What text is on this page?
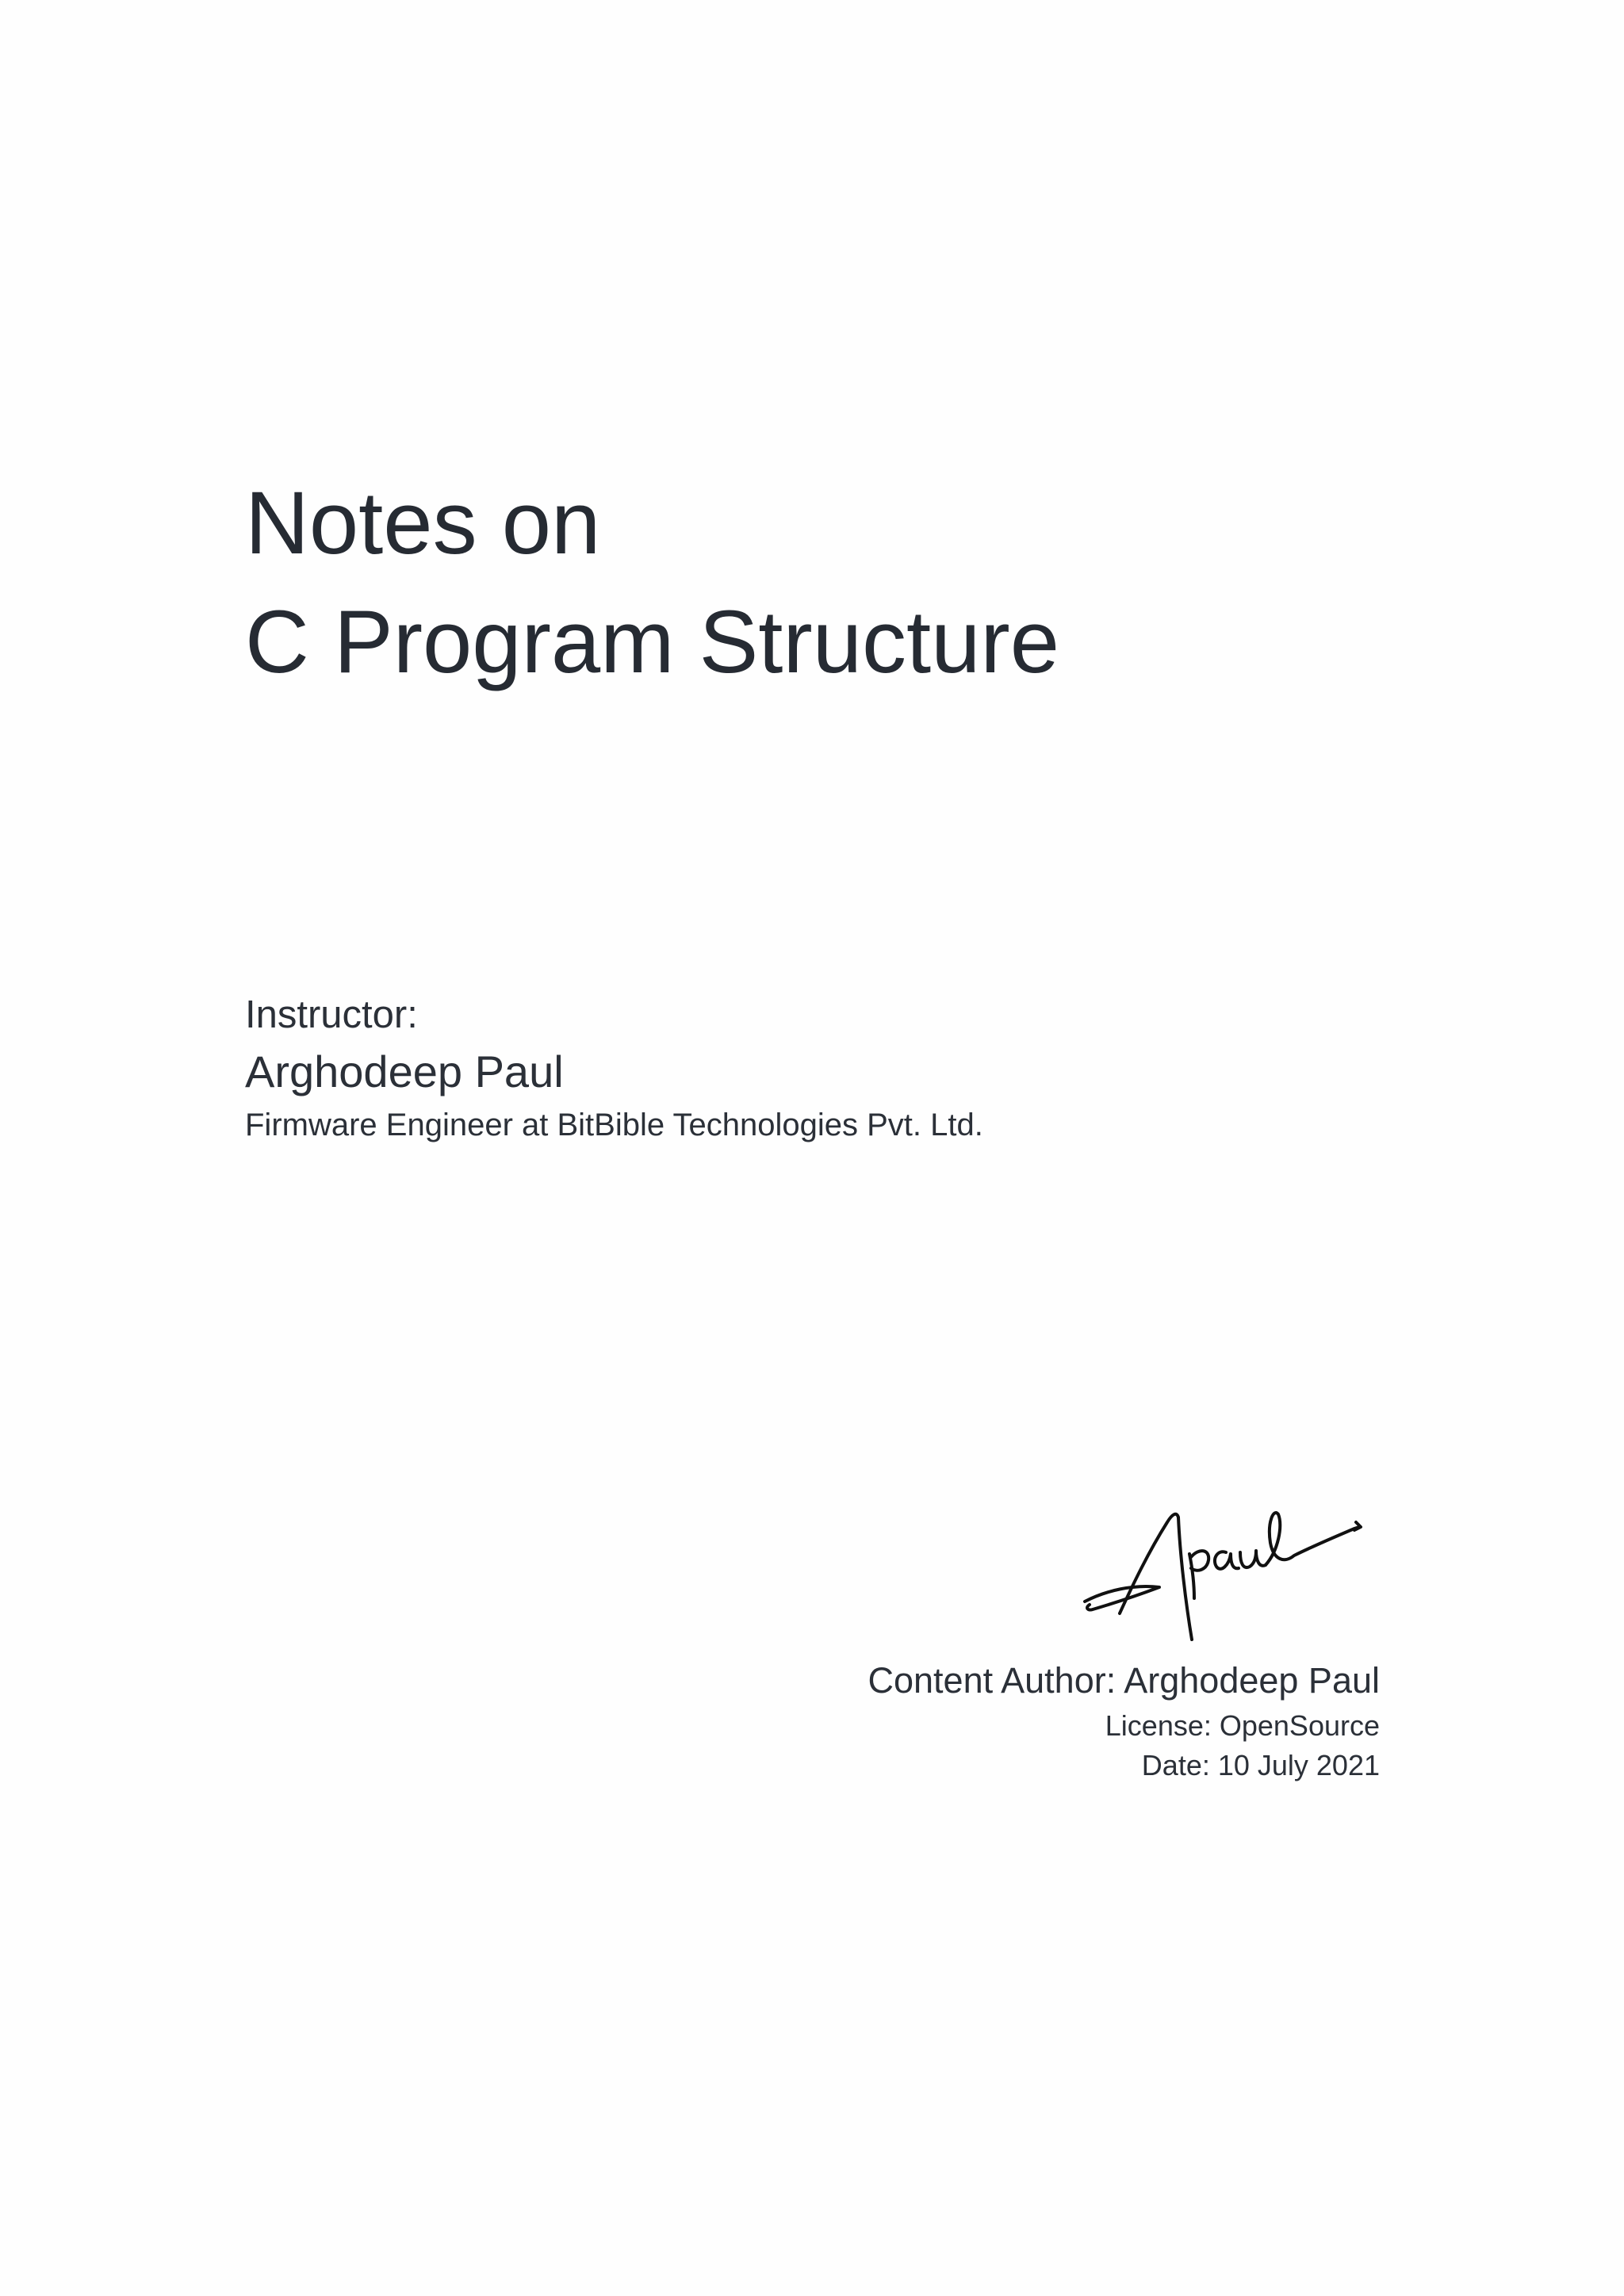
Notes on
C Program Structure
Instructor:
Arghodeep Paul
Firmware Engineer at BitBible Technologies Pvt. Ltd.
Content Author: Arghodeep Paul
License: OpenSource
Date: 10 July 2021
